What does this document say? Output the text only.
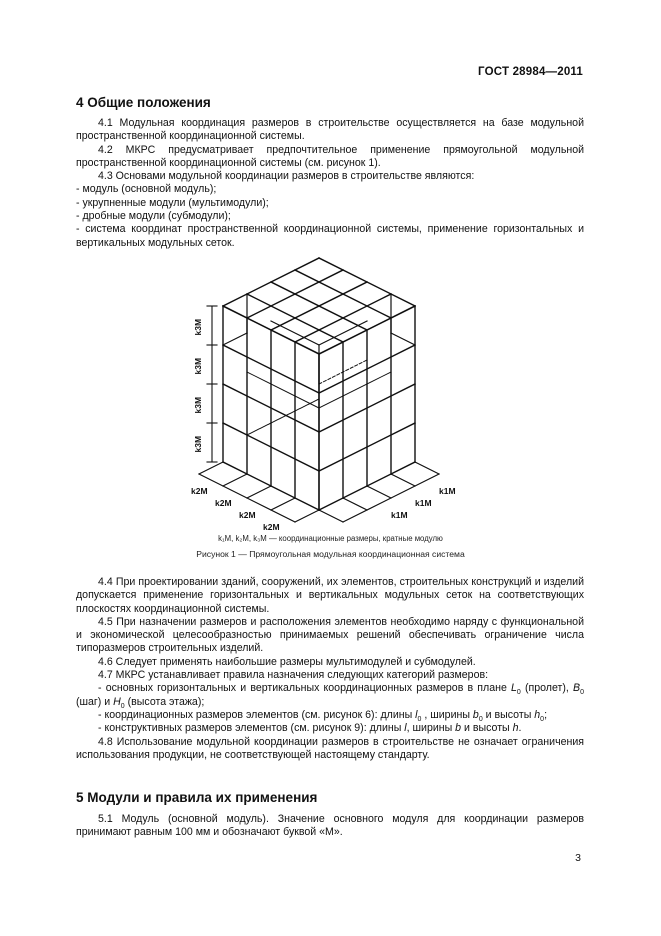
ГОСТ 28984—2011
4 Общие положения

4.1 Модульная координация размеров в строительстве осуществляется на базе модульной пространственной координационной системы.

4.2 МКРС предусматривает предпочтительное применение прямоугольной модульной пространственной координационной системы (см. рисунок 1).

4.3 Основами модульной координации размеров в строительстве являются:

- модуль (основной модуль);

- укрупненные модули (мультимодули);

- дробные модули (субмодули);

- система координат пространственной координационной системы, применение горизонтальных и вертикальных модульных сеток.

k3M
k3M
k3M
k3M
k2M
k2M
k2M
k2M
k1M
k1M
k1M
k₁M, k₂M, k₃M — координационные размеры, кратные модулю
Рисунок 1 — Прямоугольная модульная координационная система

4.4 При проектировании зданий, сооружений, их элементов, строительных конструкций и изделий допускается применение горизонтальных и вертикальных модульных сеток на соответствующих плоскостях координационной системы.

4.5 При назначении размеров и расположения элементов необходимо наряду с функциональной и экономической целесообразностью принимаемых решений обеспечивать ограничение числа типоразмеров строительных изделий.

4.6 Следует применять наибольшие размеры мультимодулей и субмодулей.

4.7 МКРС устанавливает правила назначения следующих категорий размеров:

- основных горизонтальных и вертикальных координационных размеров в плане $L_0$ (пролет), $B_0$ (шаг) и $H_0$ (высота этажа);

- координационных размеров элементов (см. рисунок 6): длины $l_0$ , ширины $b_0$ и высоты $h_0$;

- конструктивных размеров элементов (см. рисунок 9): длины l, ширины b и высоты h.

4.8 Использование модульной координации размеров в строительстве не означает ограничения использования продукции, не соответствующей настоящему стандарту.

5 Модули и правила их применения

5.1 Модуль (основной модуль). Значение основного модуля для координации размеров принимают равным 100 мм и обозначают буквой «М».

3
